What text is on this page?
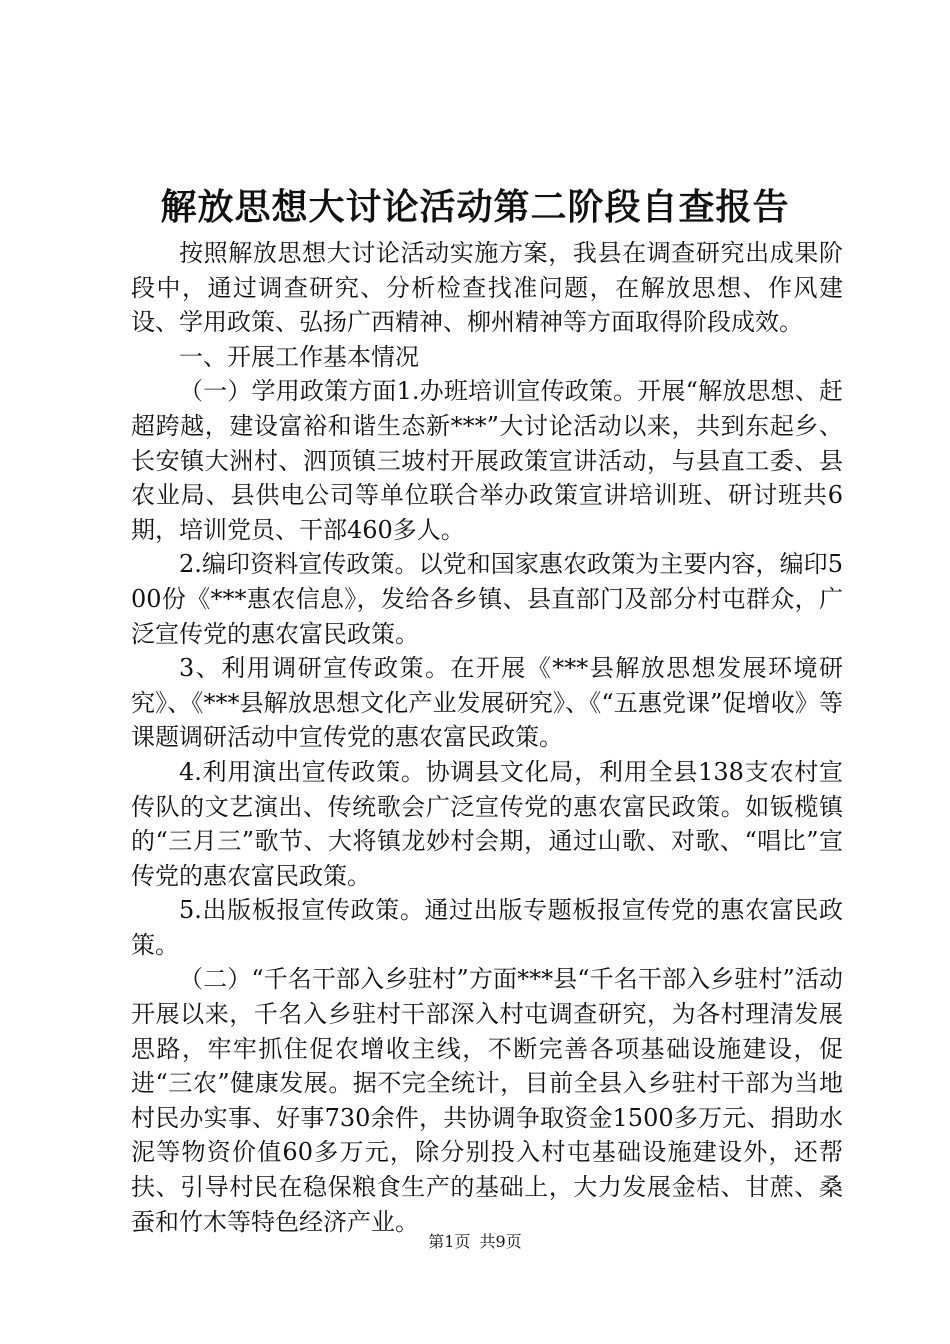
解放思想大讨论活动第二阶段自查报告

按照解放思想大讨论活动实施方案，我县在调查研究出成果阶段中，通过调查研究、分析检查找准问题，在解放思想、作风建设、学用政策、弘扬广西精神、柳州精神等方面取得阶段成效。

一、开展工作基本情况

（一）学用政策方面1.办班培训宣传政策。开展“解放思想、赶超跨越，建设富裕和谐生态新***”大讨论活动以来，共到东起乡、长安镇大洲村、泗顶镇三坡村开展政策宣讲活动，与县直工委、县农业局、县供电公司等单位联合举办政策宣讲培训班、研讨班共6期，培训党员、干部460多人。

2.编印资料宣传政策。以党和国家惠农政策为主要内容，编印500份《***惠农信息》，发给各乡镇、县直部门及部分村屯群众，广泛宣传党的惠农富民政策。

3、利用调研宣传政策。在开展《***县解放思想发展环境研究》、《***县解放思想文化产业发展研究》、《“五惠党课”促增收》等课题调研活动中宣传党的惠农富民政策。

4.利用演出宣传政策。协调县文化局，利用全县138支农村宣传队的文艺演出、传统歌会广泛宣传党的惠农富民政策。如钣榄镇的“三月三”歌节、大将镇龙妙村会期，通过山歌、对歌、“唱比”宣传党的惠农富民政策。

5.出版板报宣传政策。通过出版专题板报宣传党的惠农富民政策。

（二）“千名干部入乡驻村”方面***县“千名干部入乡驻村”活动开展以来，千名入乡驻村干部深入村屯调查研究，为各村理清发展思路，牢牢抓住促农增收主线，不断完善各项基础设施建设，促进“三农”健康发展。据不完全统计，目前全县入乡驻村干部为当地村民办实事、好事730余件，共协调争取资金1500多万元、捐助水泥等物资价值60多万元，除分别投入村屯基础设施建设外，还帮扶、引导村民在稳保粮食生产的基础上，大力发展金桔、甘蔗、桑蚕和竹木等特色经济产业。

第1页 共9页
